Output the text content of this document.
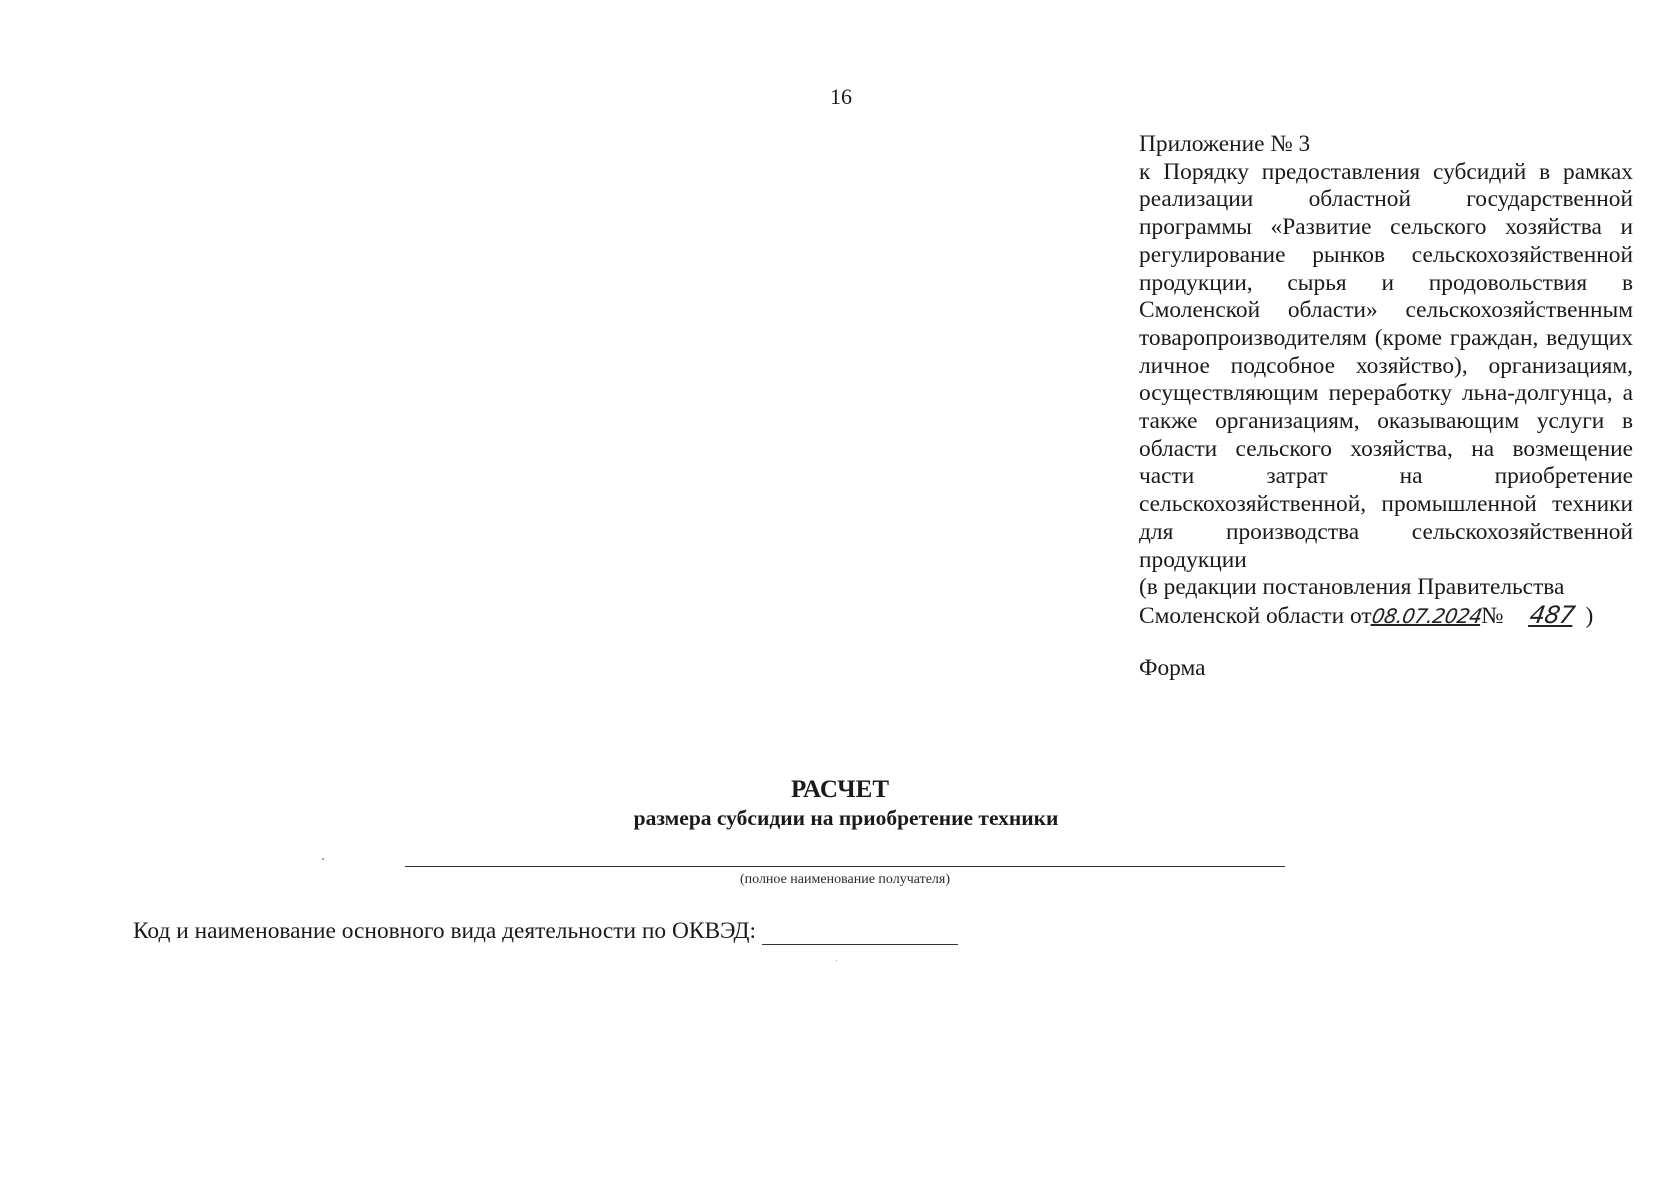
16
Приложение № 3
к Порядку предоставления субсидий в рамках реализации областной государственной программы «Развитие сельского хозяйства и регулирование рынков сельскохозяйственной продукции, сырья и продовольствия в Смоленской области» сельскохозяйственным товаропроизводителям (кроме граждан, ведущих личное подсобное хозяйство), организациям, осуществляющим переработку льна-долгунца, а также организациям, оказывающим услуги в области сельского хозяйства, на возмещение части затрат на приобретение сельскохозяйственной, промышленной техники для производства сельскохозяйственной продукции
(в редакции постановления Правительства
Смоленской области от08.07.2024№ 487 )
Форма
РАСЧЕТ
размера субсидии на приобретение техники
(полное наименование получателя)
Код и наименование основного вида деятельности по ОКВЭД:
